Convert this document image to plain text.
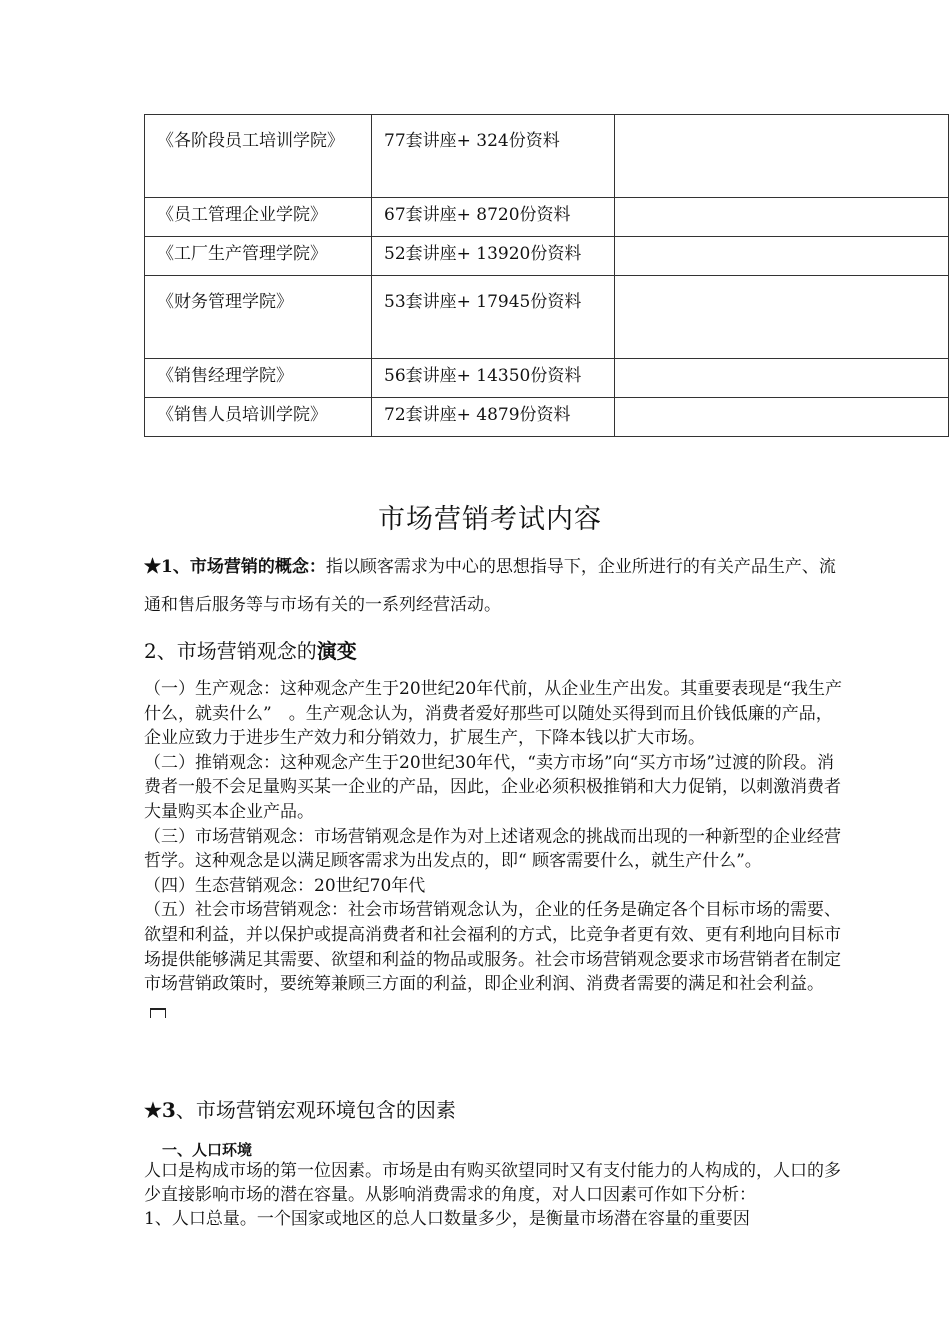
《各阶段员工培训学院》	77套讲座+ 324份资料	
《员工管理企业学院》	67套讲座+ 8720份资料	
《工厂生产管理学院》	52套讲座+ 13920份资料	
《财务管理学院》	53套讲座+ 17945份资料	
《销售经理学院》	56套讲座+ 14350份资料	
《销售人员培训学院》	72套讲座+ 4879份资料	
市场营销考试内容
★1、市场营销的概念：指以顾客需求为中心的思想指导下，企业所进行的有关产品生产、流通和售后服务等与市场有关的一系列经营活动。
2、市场营销观念的演变

（一）生产观念：这种观念产生于20世纪20年代前，从企业生产出发。其重要表现是“我生产什么，就卖什么”　。生产观念认为，消费者爱好那些可以随处买得到而且价钱低廉的产品，企业应致力于进步生产效力和分销效力，扩展生产，下降本钱以扩大市场。

（二）推销观念：这种观念产生于20世纪30年代，“卖方市场”向“买方市场”过渡的阶段。消费者一般不会足量购买某一企业的产品，因此，企业必须积极推销和大力促销，以刺激消费者大量购买本企业产品。

（三）市场营销观念：市场营销观念是作为对上述诸观念的挑战而出现的一种新型的企业经营哲学。这种观念是以满足顾客需求为出发点的，即“ 顾客需要什么，就生产什么”。

（四）生态营销观念：20世纪70年代

（五）社会市场营销观念：社会市场营销观念认为，企业的任务是确定各个目标市场的需要、欲望和利益，并以保护或提高消费者和社会福利的方式，比竞争者更有效、更有利地向目标市场提供能够满足其需要、欲望和利益的物品或服务。社会市场营销观念要求市场营销者在制定市场营销政策时，要统筹兼顾三方面的利益，即企业利润、消费者需要的满足和社会利益。

★3、市场营销宏观环境包含的因素
一、人口环境

人口是构成市场的第一位因素。市场是由有购买欲望同时又有支付能力的人构成的，人口的多少直接影响市场的潜在容量。从影响消费需求的角度，对人口因素可作如下分析：

1、人口总量。一个国家或地区的总人口数量多少，是衡量市场潜在容量的重要因
